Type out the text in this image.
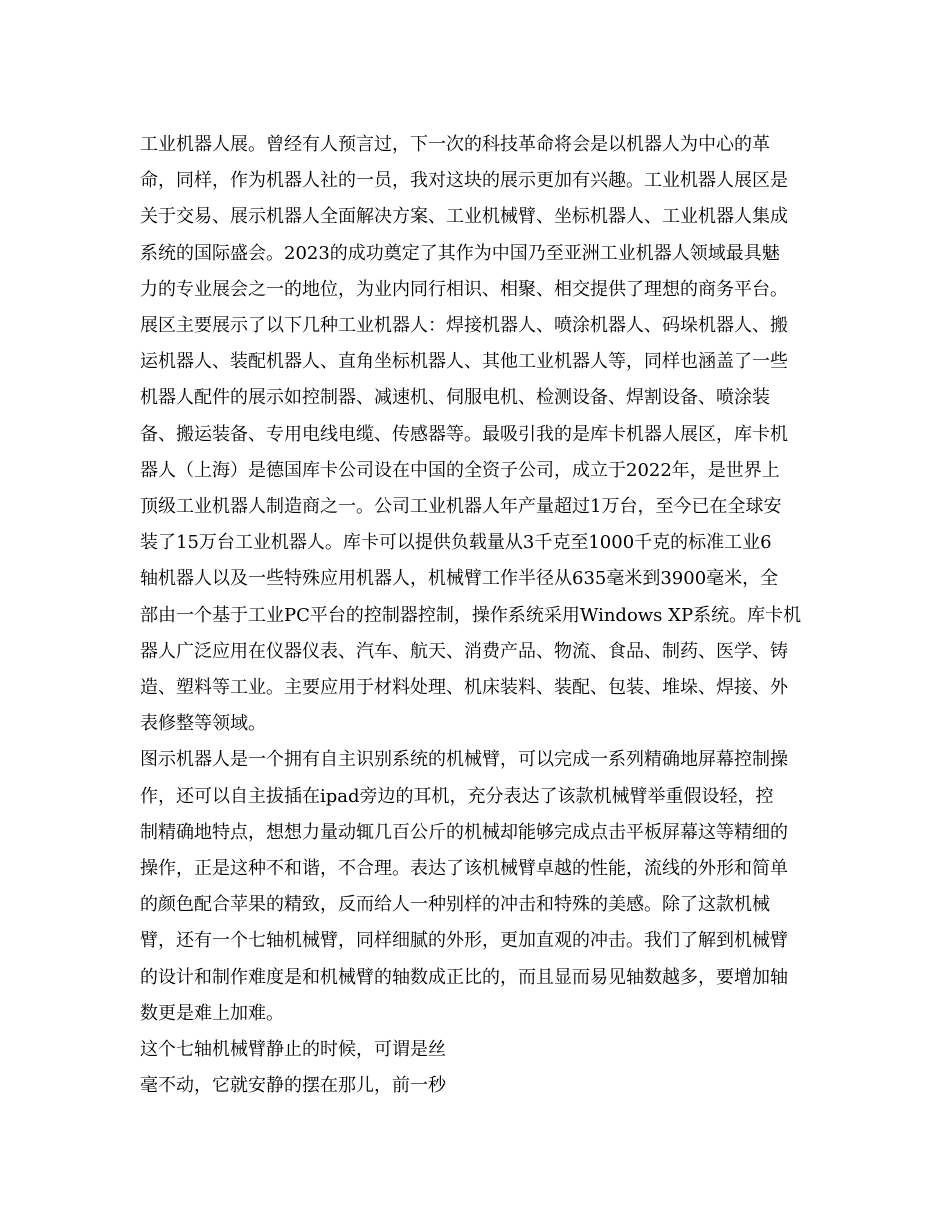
工业机器人展。曾经有人预言过，下一次的科技革命将会是以机器人为中心的革
命，同样，作为机器人社的一员，我对这块的展示更加有兴趣。工业机器人展区是
关于交易、展示机器人全面解决方案、工业机械臂、坐标机器人、工业机器人集成
系统的国际盛会。2023的成功奠定了其作为中国乃至亚洲工业机器人领域最具魅
力的专业展会之一的地位，为业内同行相识、相聚、相交提供了理想的商务平台。
展区主要展示了以下几种工业机器人：焊接机器人、喷涂机器人、码垛机器人、搬
运机器人、装配机器人、直角坐标机器人、其他工业机器人等，同样也涵盖了一些
机器人配件的展示如控制器、减速机、伺服电机、检测设备、焊割设备、喷涂装
备、搬运装备、专用电线电缆、传感器等。最吸引我的是库卡机器人展区，库卡机
器人（上海）是德国库卡公司设在中国的全资子公司，成立于2022年，是世界上
顶级工业机器人制造商之一。公司工业机器人年产量超过1万台，至今已在全球安
装了15万台工业机器人。库卡可以提供负载量从3千克至1000千克的标准工业6
轴机器人以及一些特殊应用机器人，机械臂工作半径从635毫米到3900毫米，全
部由一个基于工业PC平台的控制器控制，操作系统采用Windows XP系统。库卡机
器人广泛应用在仪器仪表、汽车、航天、消费产品、物流、食品、制药、医学、铸
造、塑料等工业。主要应用于材料处理、机床装料、装配、包装、堆垛、焊接、外
表修整等领域。
图示机器人是一个拥有自主识别系统的机械臂，可以完成一系列精确地屏幕控制操
作，还可以自主拔插在ipad旁边的耳机，充分表达了该款机械臂举重假设轻，控
制精确地特点，想想力量动辄几百公斤的机械却能够完成点击平板屏幕这等精细的
操作，正是这种不和谐，不合理。表达了该机械臂卓越的性能，流线的外形和简单
的颜色配合苹果的精致，反而给人一种别样的冲击和特殊的美感。除了这款机械
臂，还有一个七轴机械臂，同样细腻的外形，更加直观的冲击。我们了解到机械臂
的设计和制作难度是和机械臂的轴数成正比的，而且显而易见轴数越多，要增加轴
数更是难上加难。
这个七轴机械臂静止的时候，可谓是丝
毫不动，它就安静的摆在那儿，前一秒
